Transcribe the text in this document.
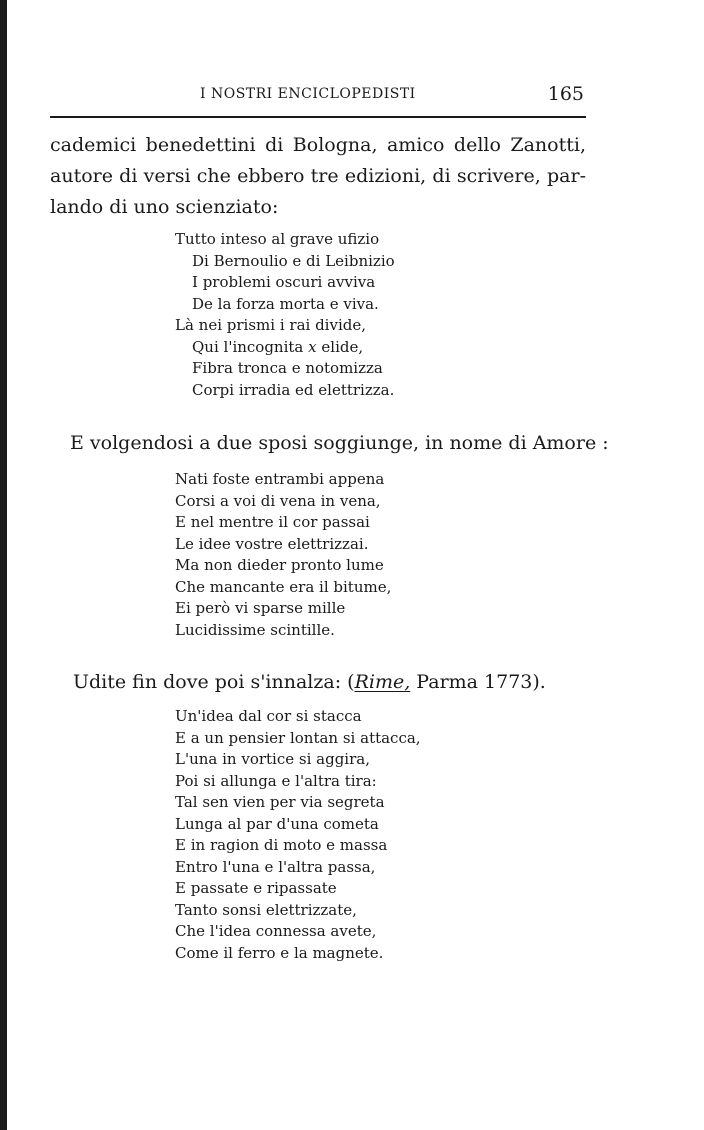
I NOSTRI ENCICLOPEDISTI	165
cademici benedettini di Bologna, amico dello Zanotti,
autore di versi che ebbero tre edizioni, di scrivere, par-
lando di uno scienziato:
Tutto inteso al grave ufizio
Di Bernoulio e di Leibnizio
I problemi oscuri avviva
De la forza morta e viva.
Là nei prismi i rai divide,
Qui l'incognita x elide,
Fibra tronca e notomizza
Corpi irradia ed elettrizza.
E volgendosi a due sposi soggiunge, in nome di Amore :
Nati foste entrambi appena
Corsi a voi di vena in vena,
E nel mentre il cor passai
Le idee vostre elettrizzai.
Ma non dieder pronto lume
Che mancante era il bitume,
Ei però vi sparse mille
Lucidissime scintille.
Udite fin dove poi s'innalza: (Rime, Parma 1773).
Un'idea dal cor si stacca
E a un pensier lontan si attacca,
L'una in vortice si aggira,
Poi si allunga e l'altra tira:
Tal sen vien per via segreta
Lunga al par d'una cometa
E in ragion di moto e massa
Entro l'una e l'altra passa,
E passate e ripassate
Tanto sonsi elettrizzate,
Che l'idea connessa avete,
Come il ferro e la magnete.
